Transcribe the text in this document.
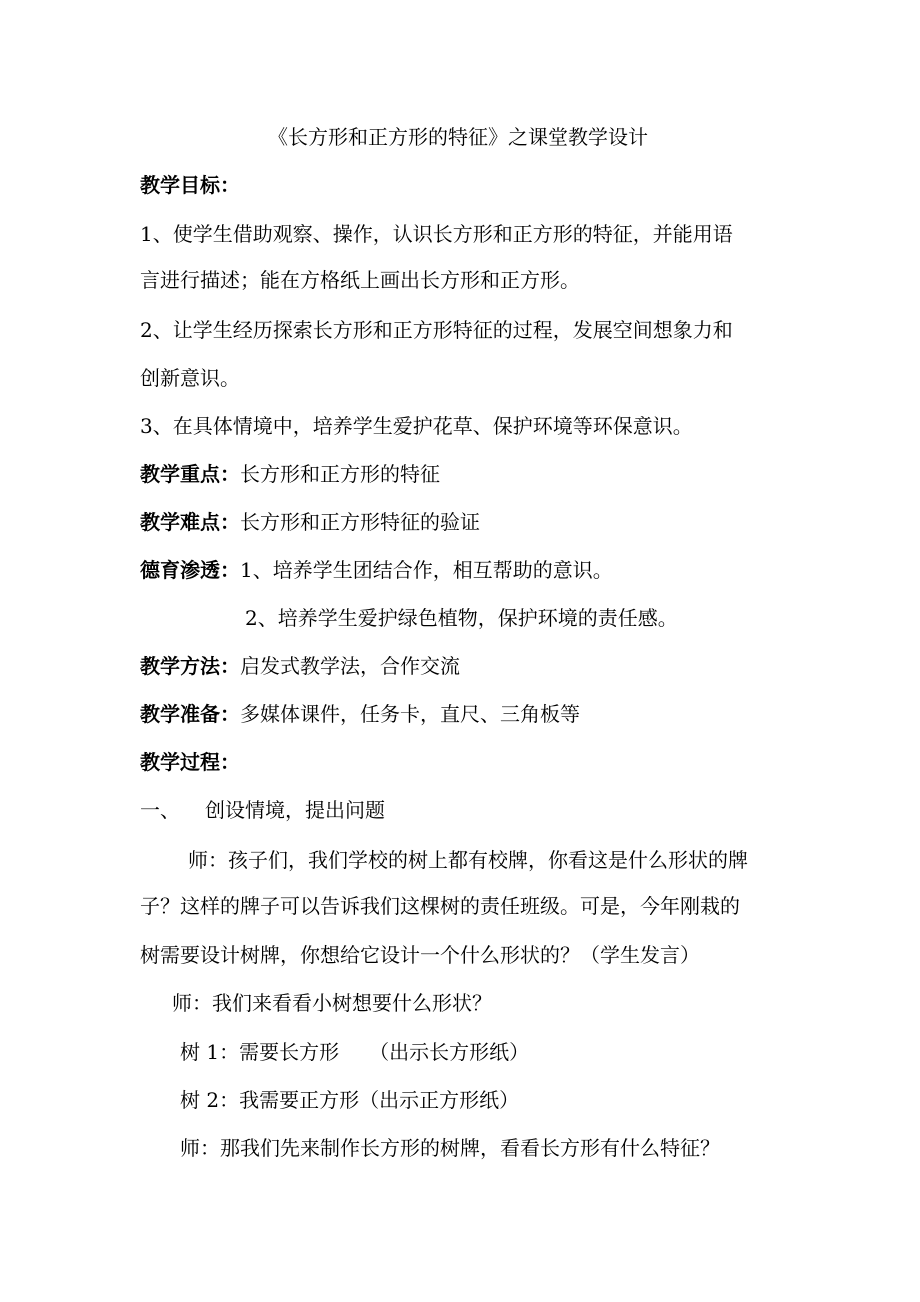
《长方形和正方形的特征》之课堂教学设计
教学目标：
1、使学生借助观察、操作，认识长方形和正方形的特征，并能用语
言进行描述；能在方格纸上画出长方形和正方形。
2、让学生经历探索长方形和正方形特征的过程，发展空间想象力和
创新意识。
3、在具体情境中，培养学生爱护花草、保护环境等环保意识。
教学重点：长方形和正方形的特征
教学难点：长方形和正方形特征的验证
德育渗透：1、培养学生团结合作，相互帮助的意识。
2、培养学生爱护绿色植物，保护环境的责任感。
教学方法：启发式教学法，合作交流
教学准备：多媒体课件，任务卡，直尺、三角板等
教学过程：
一、 创设情境，提出问题
师：孩子们，我们学校的树上都有校牌，你看这是什么形状的牌
子？这样的牌子可以告诉我们这棵树的责任班级。可是，今年刚栽的
树需要设计树牌，你想给它设计一个什么形状的？（学生发言）
师：我们来看看小树想要什么形状？
树 1：需要长方形　　（出示长方形纸）
树 2：我需要正方形（出示正方形纸）
师：那我们先来制作长方形的树牌，看看长方形有什么特征？
